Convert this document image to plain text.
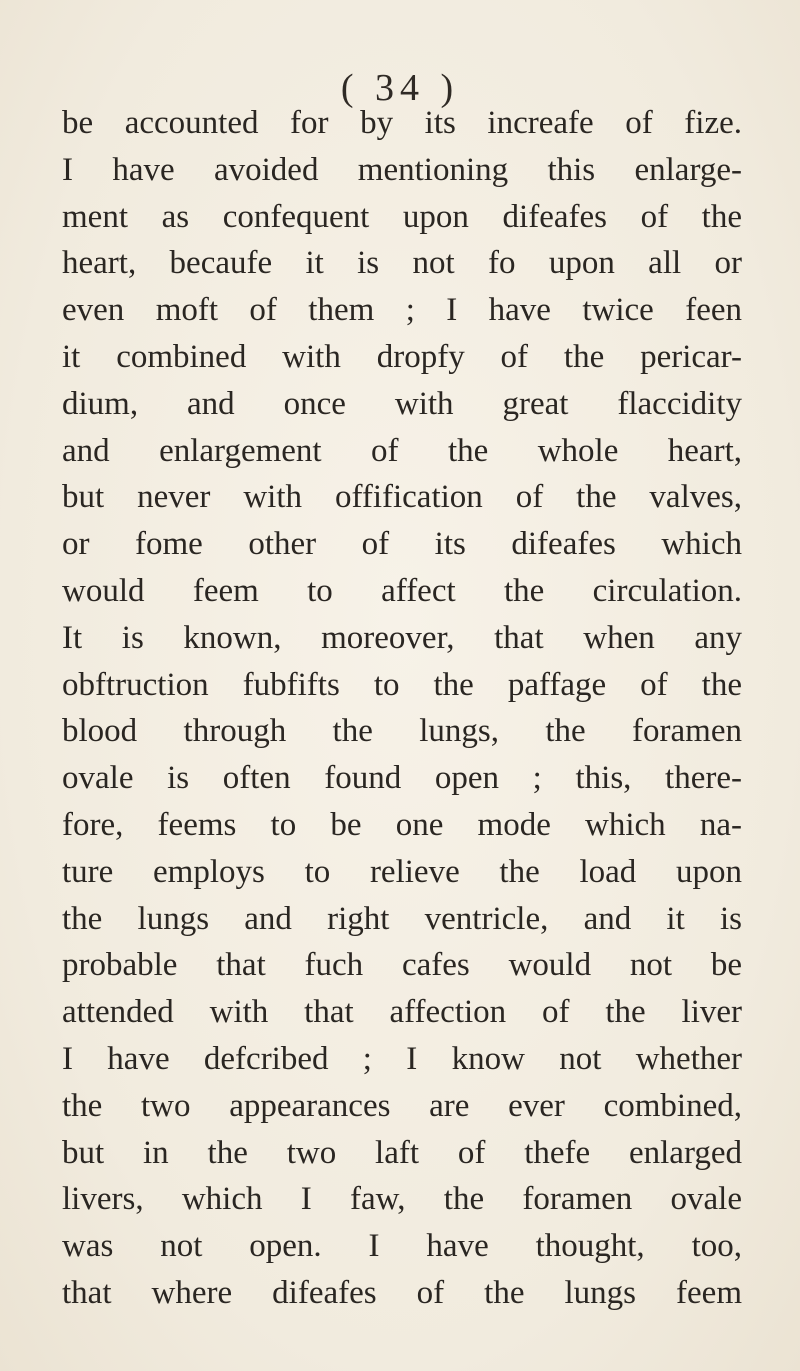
( 34 )
be accounted for by its increafe of fize.
I have avoided mentioning this enlarge-
ment as confequent upon difeafes of the
heart, becaufe it is not fo upon all or
even moft of them ; I have twice feen
it combined with dropfy of the pericar-
dium, and once with great flaccidity
and enlargement of the whole heart,
but never with offification of the valves,
or fome other of its difeafes which
would feem to affect the circulation.
It is known, moreover, that when any
obftruction fubfifts to the paffage of the
blood through the lungs, the foramen
ovale is often found open ; this, there-
fore, feems to be one mode which na-
ture employs to relieve the load upon
the lungs and right ventricle, and it is
probable that fuch cafes would not be
attended with that affection of the liver
I have defcribed ; I know not whether
the two appearances are ever combined,
but in the two laft of thefe enlarged
livers, which I faw, the foramen ovale
was not open. I have thought, too,
that where difeafes of the lungs feem
